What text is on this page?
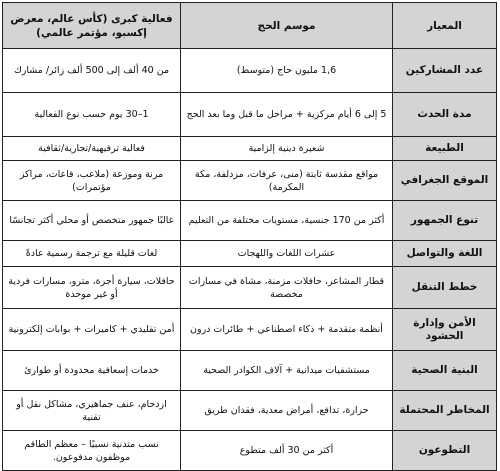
المعيار	موسم الحج	فعالية كبرى (كأس عالم، معرض إكسبو، مؤتمر عالمي)
عدد المشاركين	1,6 مليون حاج (متوسط)	من 40 ألف إلى 500 ألف زائر/ مشارك
مدة الحدث	5 إلى 6 أيام مركزية + مراحل ما قبل وما بعد الحج	1–30 يوم حسب نوع الفعالية
الطبيعة	شعيرة دينية إلزامية	فعالية ترفيهية/تجارية/ثقافية
الموقع الجغرافي	مواقع مقدسة ثابتة (منى، عرفات، مزدلفة، مكة المكرمة)	مرنة وموزعة (ملاعب، قاعات، مراكز مؤتمرات)
تنوع الجمهور	أكثر من 170 جنسية، مستويات مختلفة من التعليم	غالبًا جمهور متخصص أو محلي أكثر تجانسًا
اللغة والتواصل	عشرات اللغات واللهجات	لغات قليلة مع ترجمة رسمية عادةً
خطط التنقل	قطار المشاعر، حافلات مزمنة، مشاة في مسارات مخصصة	حافلات، سيارة أجرة، مترو، مسارات فردية أو غير موحدة
الأمن وإدارة الحشود	أنظمة متقدمة + ذكاء اصطناعي + طائرات درون	أمن تقليدي + كاميرات + بوابات إلكترونية
البنية الصحية	مستشفيات ميدانية + آلاف الكوادر الصحية	خدمات إسعافية محدودة أو طوارئ
المخاطر المحتملة	حرارة، تدافع، أمراض معدية، فقدان طريق	ازدحام، عنف جماهيري، مشاكل نقل أو تقنية
التطوعون	أكثر من 30 ألف متطوع	نسب متدنية نسبيًا – معظم الطاقم موظفون مدفوعون.
